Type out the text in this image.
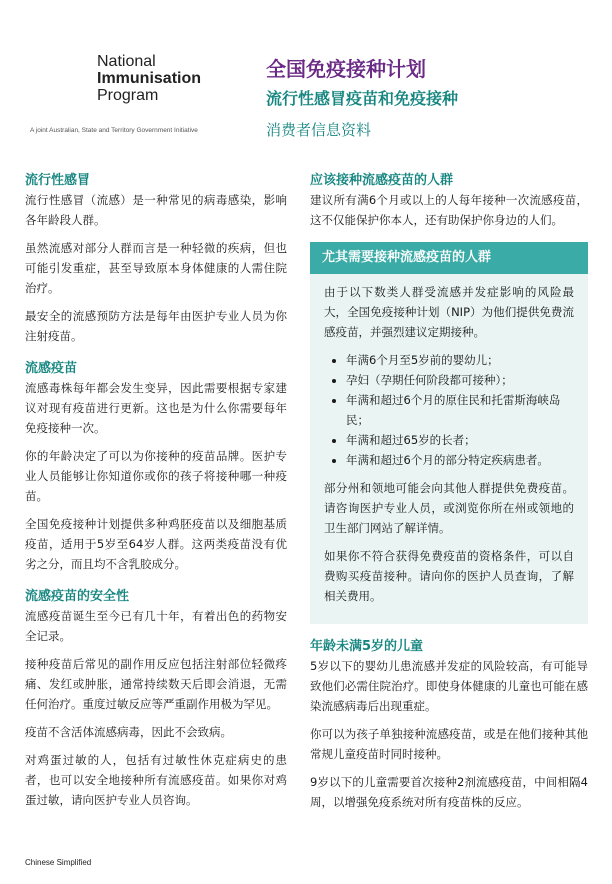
National
Immunisation
Program
A joint Australian, State and Territory Government Initiative
全国免疫接种计划
流行性感冒疫苗和免疫接种
消费者信息资料
流行性感冒

流行性感冒（流感）是一种常见的病毒感染，影响各年龄段人群。

虽然流感对部分人群而言是一种轻微的疾病，但也可能引发重症，甚至导致原本身体健康的人需住院治疗。

最安全的流感预防方法是每年由医护专业人员为你注射疫苗。

流感疫苗

流感毒株每年都会发生变异，因此需要根据专家建议对现有疫苗进行更新。这也是为什么你需要每年免疫接种一次。

你的年龄决定了可以为你接种的疫苗品牌。医护专业人员能够让你知道你或你的孩子将接种哪一种疫苗。

全国免疫接种计划提供多种鸡胚疫苗以及细胞基质疫苗，适用于5岁至64岁人群。这两类疫苗没有优劣之分，而且均不含乳胶成分。

流感疫苗的安全性

流感疫苗诞生至今已有几十年，有着出色的药物安全记录。

接种疫苗后常见的副作用反应包括注射部位轻微疼痛、发红或肿胀，通常持续数天后即会消退，无需任何治疗。重度过敏反应等严重副作用极为罕见。

疫苗不含活体流感病毒，因此不会致病。

对鸡蛋过敏的人，包括有过敏性休克症病史的患者，也可以安全地接种所有流感疫苗。如果你对鸡蛋过敏，请向医护专业人员咨询。

应该接种流感疫苗的人群

建议所有满6个月或以上的人每年接种一次流感疫苗，这不仅能保护你本人，还有助保护你身边的人们。

尤其需要接种流感疫苗的人群

由于以下数类人群受流感并发症影响的风险最大，全国免疫接种计划（NIP）为他们提供免费流感疫苗，并强烈建议定期接种。

• 年满6个月至5岁前的婴幼儿；
• 孕妇（孕期任何阶段都可接种）；
• 年满和超过6个月的原住民和托雷斯海峡岛民；
• 年满和超过65岁的长者；
• 年满和超过6个月的部分特定疾病患者。

部分州和领地可能会向其他人群提供免费疫苗。请咨询医护专业人员，或浏览你所在州或领地的卫生部门网站了解详情。

如果你不符合获得免费疫苗的资格条件，可以自费购买疫苗接种。请向你的医护人员查询，了解相关费用。

年龄未满5岁的儿童

5岁以下的婴幼儿患流感并发症的风险较高，有可能导致他们必需住院治疗。即使身体健康的儿童也可能在感染流感病毒后出现重症。

你可以为孩子单独接种流感疫苗，或是在他们接种其他常规儿童疫苗时同时接种。

9岁以下的儿童需要首次接种2剂流感疫苗，中间相隔4周，以增强免疫系统对所有疫苗株的反应。

Chinese Simplified
